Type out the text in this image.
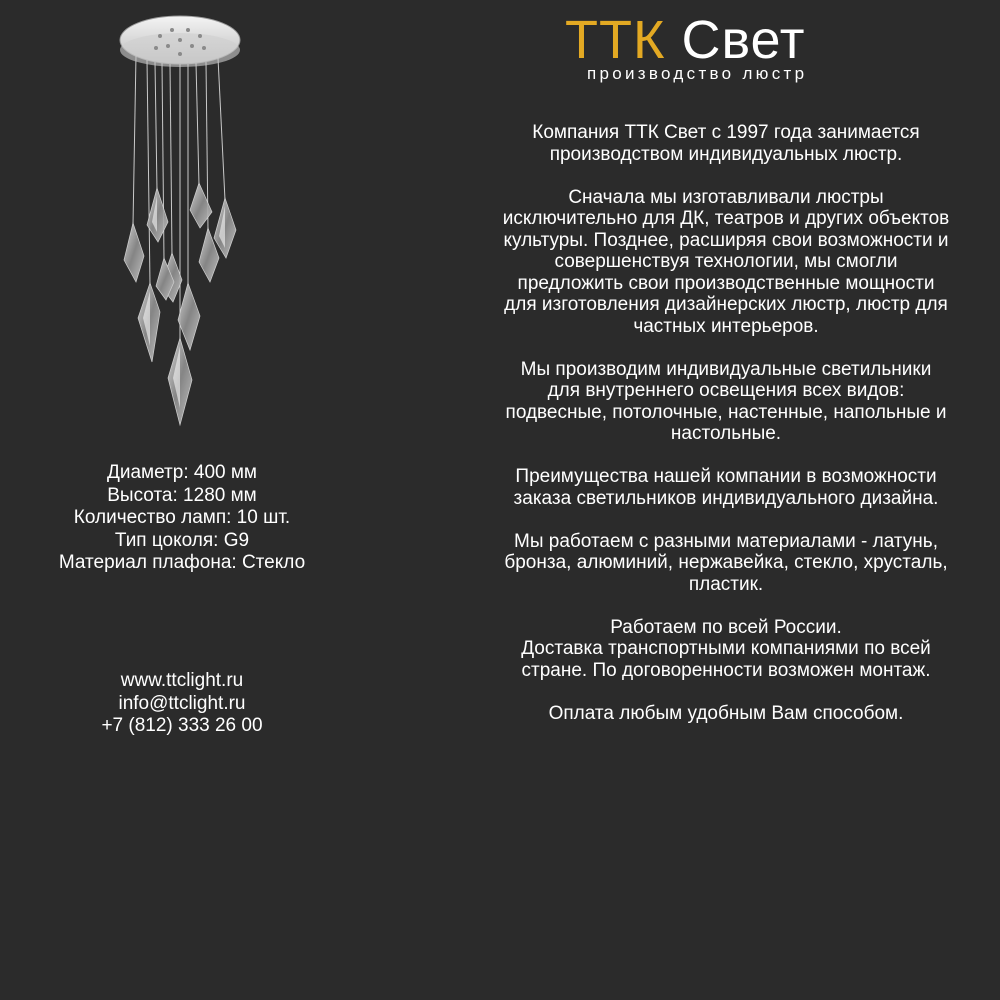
Диаметр: 400 мм
Высота: 1280 мм
Количество ламп: 10 шт.
Тип цоколя: G9
Материал плафона: Стекло
www.ttclight.ru
info@ttclight.ru
+7 (812) 333 26 00
ТТК Свет
производство люстр

Компания ТТК Свет с 1997 года занимается
производством индивидуальных люстр.

Сначала мы изготавливали люстры
исключительно для ДК, театров и других объектов
культуры. Позднее, расширяя свои возможности и
совершенствуя технологии, мы смогли
предложить свои производственные мощности
для изготовления дизайнерских люстр, люстр для
частных интерьеров.

Мы производим индивидуальные светильники
для внутреннего освещения всех видов:
подвесные, потолочные, настенные, напольные и
настольные.

Преимущества нашей компании в возможности
заказа светильников индивидуального дизайна.

Мы работаем с разными материалами - латунь,
бронза, алюминий, нержавейка, стекло, хрусталь,
пластик.

Работаем по всей России.
Доставка транспортными компаниями по всей
стране. По договоренности возможен монтаж.

Оплата любым удобным Вам способом.
